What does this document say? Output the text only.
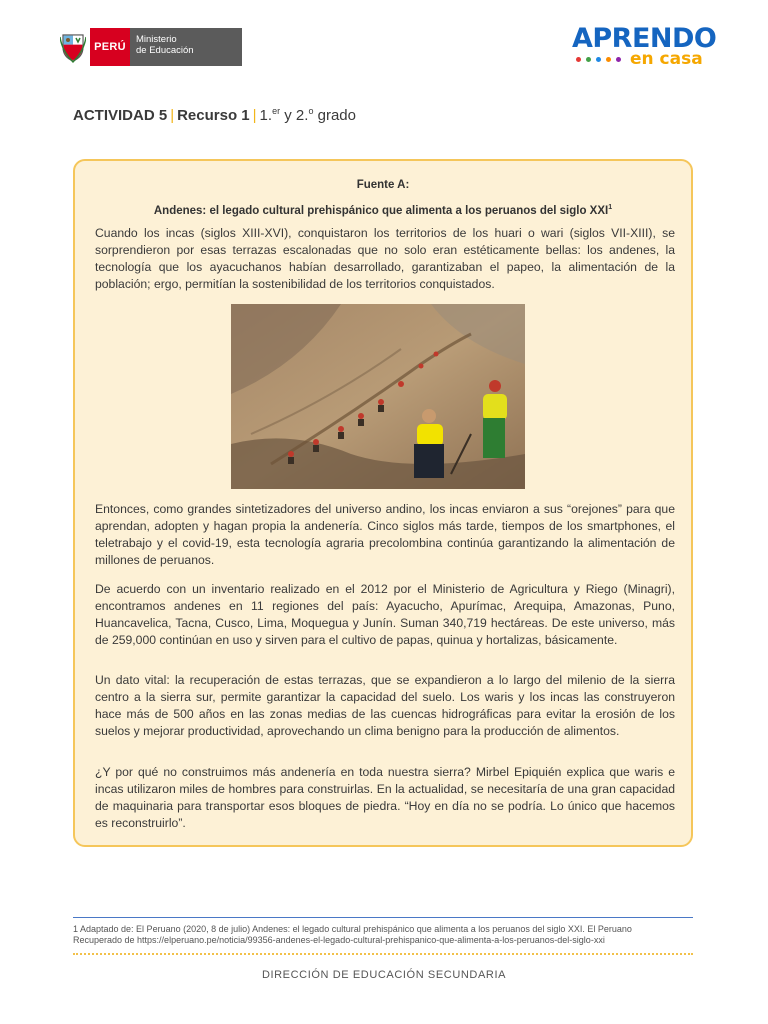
PERÚ
Ministerio
de Educación	APRENDO
en casa
ACTIVIDAD 5 | Recurso 1 | 1.$^{er}$ y 2.$^o$ grado
Fuente A:
Andenes: el legado cultural prehispánico que alimenta a los peruanos del siglo XXI$^1$

Cuando los incas (siglos XIII-XVI), conquistaron los territorios de los huari o wari (siglos VII-XIII), se sorprendieron por esas terrazas escalonadas que no solo eran estéticamente bellas: los andenes, la tecnología que los ayacuchanos habían desarrollado, garantizaban el papeo, la alimentación de la población; ergo, permitían la sostenibilidad de los territorios conquistados.

Entonces, como grandes sintetizadores del universo andino, los incas enviaron a sus “orejones” para que aprendan, adopten y hagan propia la andenería. Cinco siglos más tarde, tiempos de los smartphones, el teletrabajo y el covid-19, esta tecnología agraria precolombina continúa garantizando la alimentación de millones de peruanos.

De acuerdo con un inventario realizado en el 2012 por el Ministerio de Agricultura y Riego (Minagri), encontramos andenes en 11 regiones del país: Ayacucho, Apurímac, Arequipa, Amazonas, Puno, Huancavelica, Tacna, Cusco, Lima, Moquegua y Junín. Suman 340,719 hectáreas. De este universo, más de 259,000 continúan en uso y sirven para el cultivo de papas, quinua y hortalizas, básicamente.

Un dato vital: la recuperación de estas terrazas, que se expandieron a lo largo del milenio de la sierra centro a la sierra sur, permite garantizar la capacidad del suelo. Los waris y los incas las construyeron hace más de 500 años en las zonas medias de las cuencas hidrográficas para evitar la erosión de los suelos y mejorar productividad, aprovechando un clima benigno para la producción de alimentos.

¿Y por qué no construimos más andenería en toda nuestra sierra? Mirbel Epiquién explica que waris e incas utilizaron miles de hombres para construirlas. En la actualidad, se necesitaría de una gran capacidad de maquinaria para transportar esos bloques de piedra. “Hoy en día no se podría. Lo único que hacemos es reconstruirlo”.

1 Adaptado de: El Peruano (2020, 8 de julio) Andenes: el legado cultural prehispánico que alimenta a los peruanos del siglo XXI. El Peruano
Recuperado de https://elperuano.pe/noticia/99356-andenes-el-legado-cultural-prehispanico-que-alimenta-a-los-peruanos-del-siglo-xxi
DIRECCIÓN DE EDUCACIÓN SECUNDARIA
